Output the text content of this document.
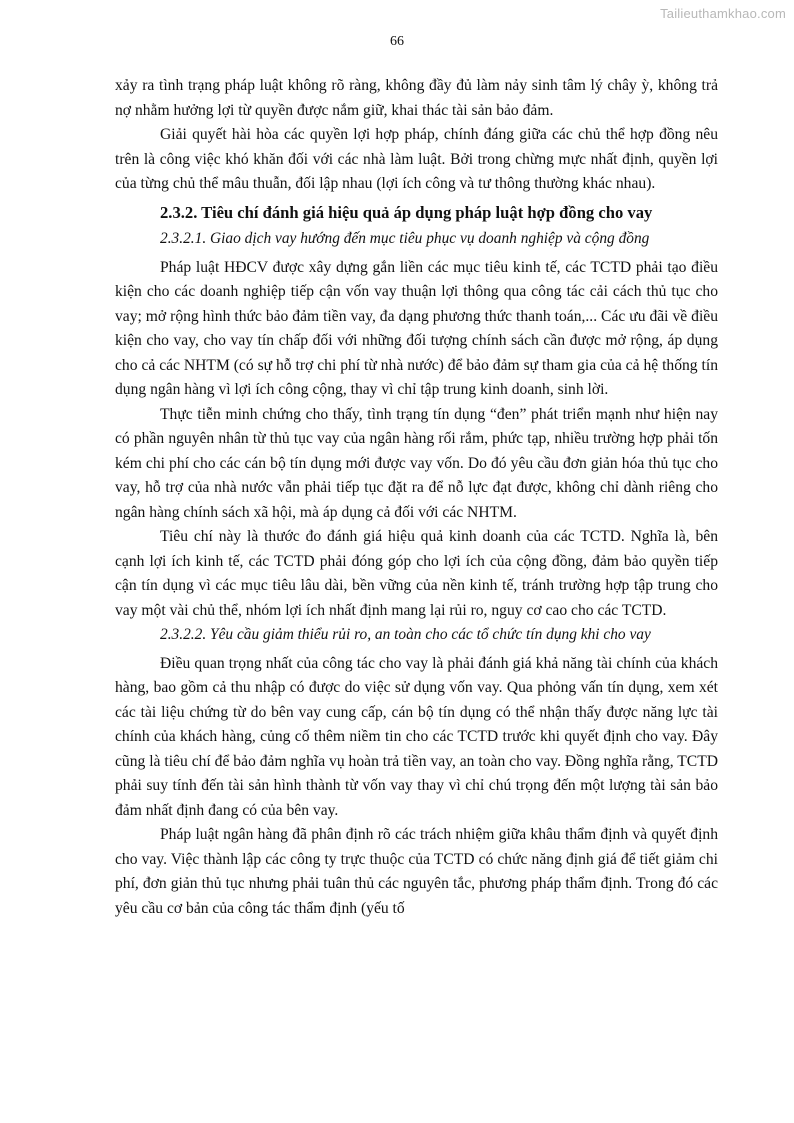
Tailieuthamkhao.com
66

xảy ra tình trạng pháp luật không rõ ràng, không đầy đủ làm nảy sinh tâm lý chây ỳ, không trả nợ nhằm hưởng lợi từ quyền được nắm giữ, khai thác tài sản bảo đảm.

Giải quyết hài hòa các quyền lợi hợp pháp, chính đáng giữa các chủ thể hợp đồng nêu trên là công việc khó khăn đối với các nhà làm luật. Bởi trong chừng mực nhất định, quyền lợi của từng chủ thể mâu thuẫn, đối lập nhau (lợi ích công và tư thông thường khác nhau).

2.3.2. Tiêu chí đánh giá hiệu quả áp dụng pháp luật hợp đồng cho vay
2.3.2.1. Giao dịch vay hướng đến mục tiêu phục vụ doanh nghiệp và cộng đồng

Pháp luật HĐCV được xây dựng gắn liền các mục tiêu kinh tế, các TCTD phải tạo điều kiện cho các doanh nghiệp tiếp cận vốn vay thuận lợi thông qua công tác cải cách thủ tục cho vay; mở rộng hình thức bảo đảm tiền vay, đa dạng phương thức thanh toán,... Các ưu đãi về điều kiện cho vay, cho vay tín chấp đối với những đối tượng chính sách cần được mở rộng, áp dụng cho cả các NHTM (có sự hỗ trợ chi phí từ nhà nước) để bảo đảm sự tham gia của cả hệ thống tín dụng ngân hàng vì lợi ích công cộng, thay vì chỉ tập trung kinh doanh, sinh lời.

Thực tiễn minh chứng cho thấy, tình trạng tín dụng “đen” phát triển mạnh như hiện nay có phần nguyên nhân từ thủ tục vay của ngân hàng rối rắm, phức tạp, nhiều trường hợp phải tốn kém chi phí cho các cán bộ tín dụng mới được vay vốn. Do đó yêu cầu đơn giản hóa thủ tục cho vay, hỗ trợ của nhà nước vẫn phải tiếp tục đặt ra để nỗ lực đạt được, không chỉ dành riêng cho ngân hàng chính sách xã hội, mà áp dụng cả đối với các NHTM.

Tiêu chí này là thước đo đánh giá hiệu quả kinh doanh của các TCTD. Nghĩa là, bên cạnh lợi ích kinh tế, các TCTD phải đóng góp cho lợi ích của cộng đồng, đảm bảo quyền tiếp cận tín dụng vì các mục tiêu lâu dài, bền vững của nền kinh tế, tránh trường hợp tập trung cho vay một vài chủ thể, nhóm lợi ích nhất định mang lại rủi ro, nguy cơ cao cho các TCTD.

2.3.2.2. Yêu cầu giảm thiểu rủi ro, an toàn cho các tổ chức tín dụng khi cho vay

Điều quan trọng nhất của công tác cho vay là phải đánh giá khả năng tài chính của khách hàng, bao gồm cả thu nhập có được do việc sử dụng vốn vay. Qua phỏng vấn tín dụng, xem xét các tài liệu chứng từ do bên vay cung cấp, cán bộ tín dụng có thể nhận thấy được năng lực tài chính của khách hàng, củng cố thêm niềm tin cho các TCTD trước khi quyết định cho vay. Đây cũng là tiêu chí để bảo đảm nghĩa vụ hoàn trả tiền vay, an toàn cho vay. Đồng nghĩa rằng, TCTD phải suy tính đến tài sản hình thành từ vốn vay thay vì chỉ chú trọng đến một lượng tài sản bảo đảm nhất định đang có của bên vay.

Pháp luật ngân hàng đã phân định rõ các trách nhiệm giữa khâu thẩm định và quyết định cho vay. Việc thành lập các công ty trực thuộc của TCTD có chức năng định giá để tiết giảm chi phí, đơn giản thủ tục nhưng phải tuân thủ các nguyên tắc, phương pháp thẩm định. Trong đó các yêu cầu cơ bản của công tác thẩm định (yếu tố
